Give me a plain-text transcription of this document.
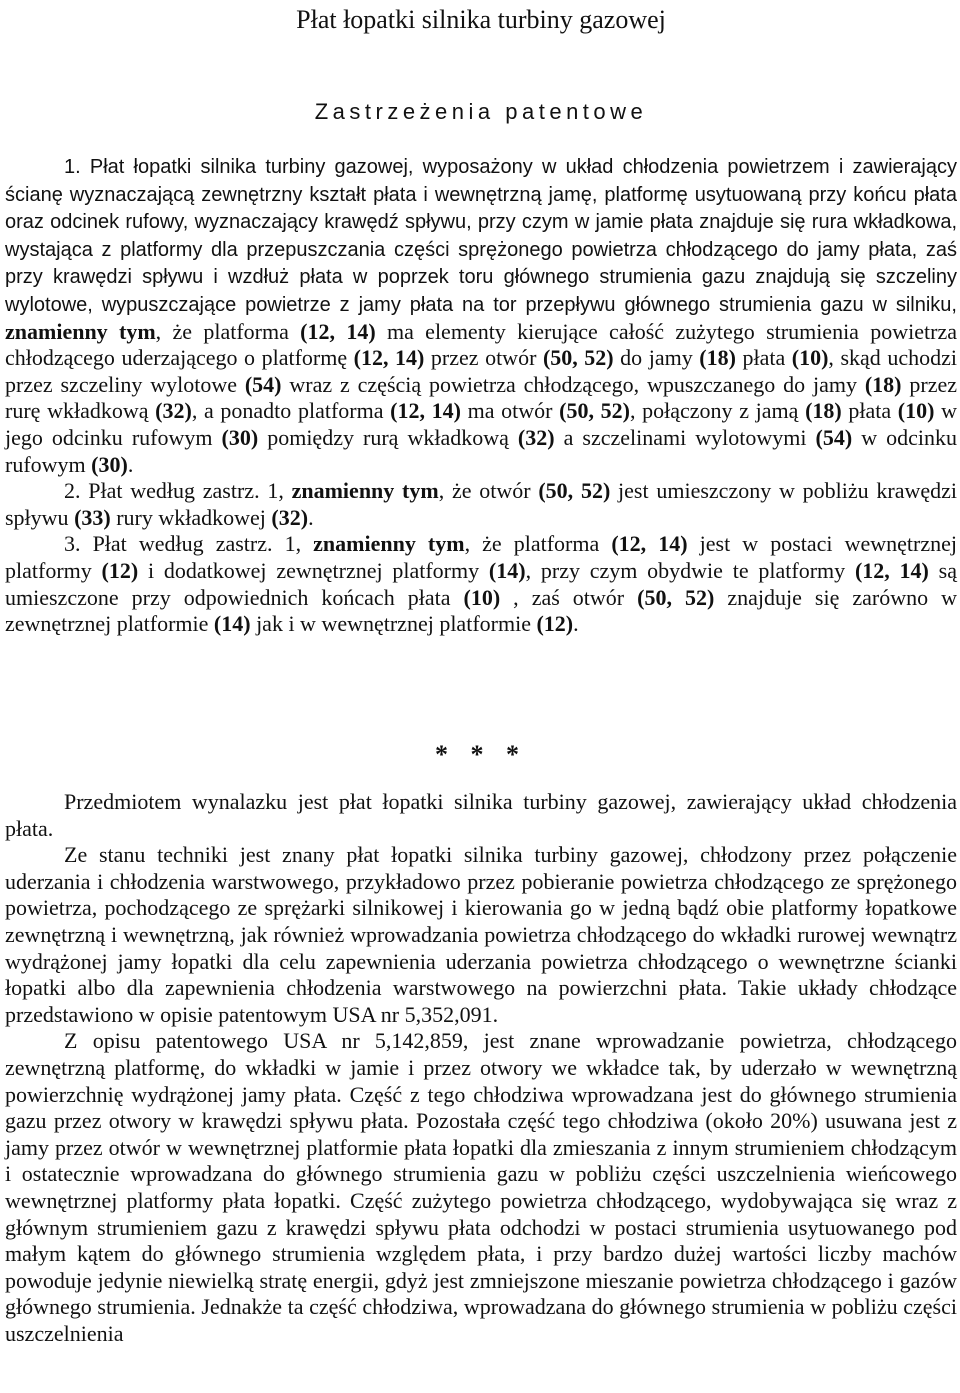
Płat łopatki silnika turbiny gazowej
Zastrzeżenia patentowe

1. Płat łopatki silnika turbiny gazowej, wyposażony w układ chłodzenia powietrzem i zawierający ścianę wyznaczającą zewnętrzny kształt płata i wewnętrzną jamę, platformę usytuowaną przy końcu płata oraz odcinek rufowy, wyznaczający krawędź spływu, przy czym w jamie płata znajduje się rura wkładkowa, wystająca z platformy dla przepuszczania części sprężonego powietrza chłodzącego do jamy płata, zaś przy krawędzi spływu i wzdłuż płata w poprzek toru głównego strumienia gazu znajdują się szczeliny wylotowe, wypuszczające powietrze z jamy płata na tor przepływu głównego strumienia gazu w silniku, znamienny tym, że platforma (12, 14) ma elementy kierujące całość zużytego strumienia powietrza chłodzącego uderzającego o platformę (12, 14) przez otwór (50, 52) do jamy (18) płata (10), skąd uchodzi przez szczeliny wylotowe (54) wraz z częścią powietrza chłodzącego, wpuszczanego do jamy (18) przez rurę wkładkową (32), a ponadto platforma (12, 14) ma otwór (50, 52), połączony z jamą (18) płata (10) w jego odcinku rufowym (30) pomiędzy rurą wkładkową (32) a szczelinami wylotowymi (54) w odcinku rufowym (30).

2. Płat według zastrz. 1, znamienny tym, że otwór (50, 52) jest umieszczony w pobliżu krawędzi spływu (33) rury wkładkowej (32).

3. Płat według zastrz. 1, znamienny tym, że platforma (12, 14) jest w postaci wewnętrznej platformy (12) i dodatkowej zewnętrznej platformy (14), przy czym obydwie te platformy (12, 14) są umieszczone przy odpowiednich końcach płata (10) , zaś otwór (50, 52) znajduje się zarówno w zewnętrznej platformie (14) jak i w wewnętrznej platformie (12).

* * *

Przedmiotem wynalazku jest płat łopatki silnika turbiny gazowej, zawierający układ chłodzenia płata.

Ze stanu techniki jest znany płat łopatki silnika turbiny gazowej, chłodzony przez połączenie uderzania i chłodzenia warstwowego, przykładowo przez pobieranie powietrza chłodzącego ze sprężonego powietrza, pochodzącego ze sprężarki silnikowej i kierowania go w jedną bądź obie platformy łopatkowe zewnętrzną i wewnętrzną, jak również wprowadzania powietrza chłodzącego do wkładki rurowej wewnątrz wydrążonej jamy łopatki dla celu zapewnienia uderzania powietrza chłodzącego o wewnętrzne ścianki łopatki albo dla zapewnienia chłodzenia warstwowego na powierzchni płata. Takie układy chłodzące przedstawiono w opisie patentowym USA nr 5,352,091.

Z opisu patentowego USA nr 5,142,859, jest znane wprowadzanie powietrza, chłodzącego zewnętrzną platformę, do wkładki w jamie i przez otwory we wkładce tak, by uderzało w wewnętrzną powierzchnię wydrążonej jamy płata. Część z tego chłodziwa wprowadzana jest do głównego strumienia gazu przez otwory w krawędzi spływu płata. Pozostała część tego chłodziwa (około 20%) usuwana jest z jamy przez otwór w wewnętrznej platformie płata łopatki dla zmieszania z innym strumieniem chłodzącym i ostatecznie wprowadzana do głównego strumienia gazu w pobliżu części uszczelnienia wieńcowego wewnętrznej platformy płata łopatki. Część zużytego powietrza chłodzącego, wydobywająca się wraz z głównym strumieniem gazu z krawędzi spływu płata odchodzi w postaci strumienia usytuowanego pod małym kątem do głównego strumienia względem płata, i przy bardzo dużej wartości liczby machów powoduje jedynie niewielką stratę energii, gdyż jest zmniejszone mieszanie powietrza chłodzącego i gazów głównego strumienia. Jednakże ta część chłodziwa, wprowadzana do głównego strumienia w pobliżu części uszczelnienia
